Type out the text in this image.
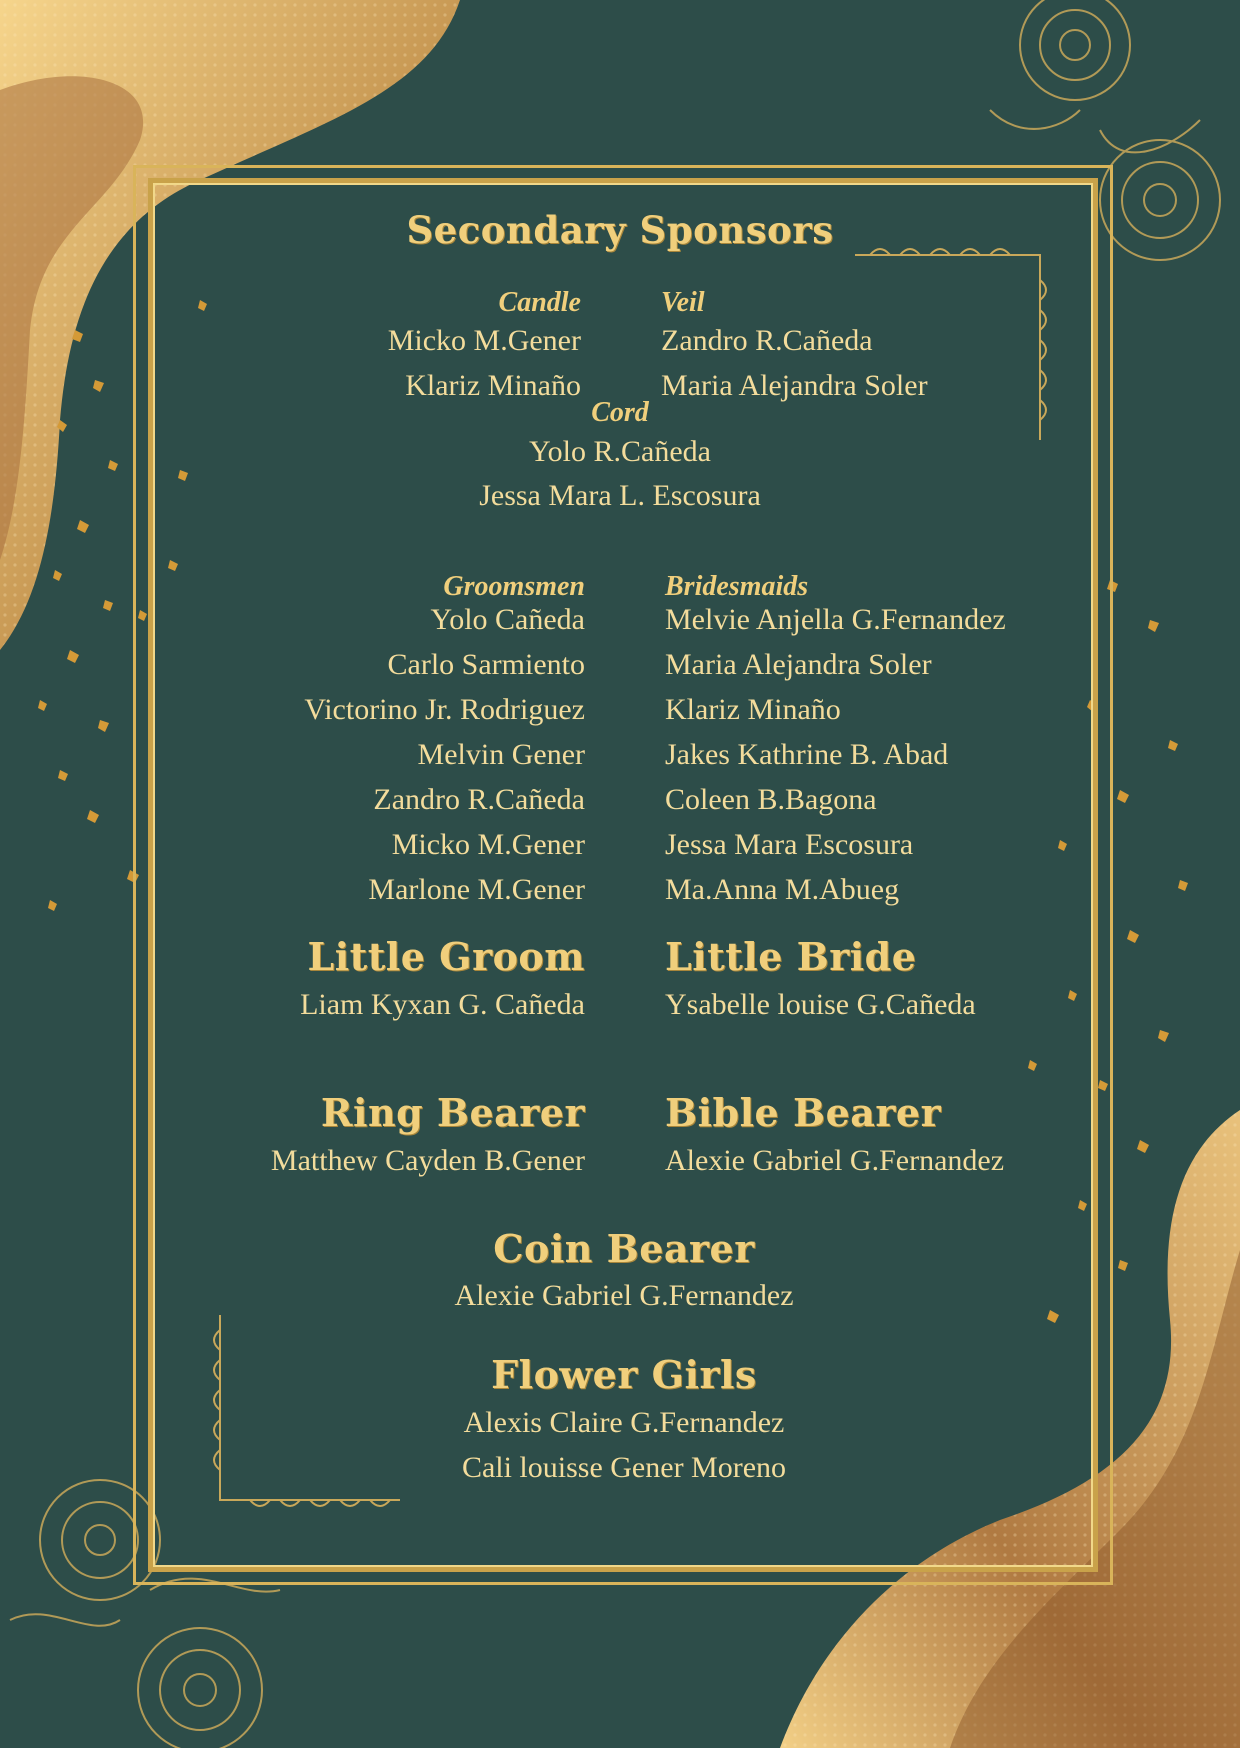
Secondary Sponsors
Candle
Micko M.Gener
Klariz Minaño
Veil
Zandro R.Cañeda
Maria Alejandra Soler
Cord
Yolo R.Cañeda
Jessa Mara L. Escosura
Groomsmen
Yolo Cañeda
Carlo Sarmiento
Victorino Jr. Rodriguez
Melvin Gener
Zandro R.Cañeda
Micko M.Gener
Marlone M.Gener
Bridesmaids
Melvie Anjella G.Fernandez
Maria Alejandra Soler
Klariz Minaño
Jakes Kathrine B. Abad
Coleen B.Bagona
Jessa Mara Escosura
Ma.Anna M.Abueg
Little Groom
Liam Kyxan G. Cañeda
Little Bride
Ysabelle louise G.Cañeda
Ring Bearer
Matthew Cayden B.Gener
Bible Bearer
Alexie Gabriel G.Fernandez
Coin Bearer
Alexie Gabriel G.Fernandez
Flower Girls
Alexis Claire G.Fernandez
Cali louisse Gener Moreno
